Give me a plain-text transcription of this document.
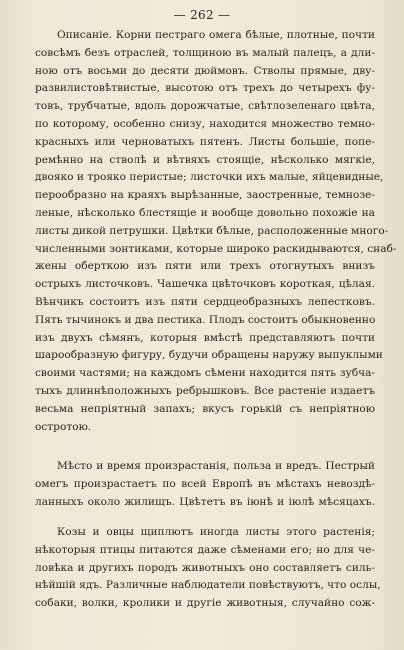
— 262 —
Описаніе. Корни пестраго омега бѣлые, плотные, почти
совсѣмъ безъ отраслей, толщиною въ малый палецъ, а дли-
ною отъ восьми до десяти дюймовъ. Стволы прямые, дву-
развилистовѣтвистые, высотою отъ трехъ до четырехъ фу-
товъ, трубчатые, вдоль дорожчатые, свѣтлозеленаго цвѣта,
по которому, особенно снизу, находится множество темно-
красныхъ или черноватыхъ пятенъ. Листы большіе, попе-
ремѣнно на стволѣ и вѣтвяхъ стоящіе, нѣсколько мягкіе,
двояко и трояко перистые; листочки ихъ малые, яйцевидные,
перообразно на краяхъ вырѣзанные, заостренные, темнозе-
леные, нѣсколько блестящіе и вообще довольно похожіе на
листы дикой петрушки. Цвѣтки бѣлые, расположенные много-
численными зонтиками, которые широко раскидываются, снаб-
жены оберткою изъ пяти или трехъ отогнутыхъ внизъ
острыхъ листочковъ. Чашечка цвѣточковъ короткая, цѣлая.
Вѣнчикъ состоитъ изъ пяти сердцеобразныхъ лепестковъ.
Пять тычинокъ и два пестика. Плодъ состоитъ обыкновенно
изъ двухъ сѣмянъ, которыя вмѣстѣ представляютъ почти
шарообразную фигуру, будучи обращены наружу выпуклыми
своими частями; на каждомъ сѣмени находится пять зубча-
тыхъ длиннѣположныхъ ребрышковъ. Все растеніе издаетъ
весьма непріятный запахъ; вкусъ горькій съ непріятною
остротою.
Мѣсто и время произрастанія, польза и вредъ. Пестрый
омегъ произрастаетъ по всей Европѣ въ мѣстахъ невоздѣ-
ланныхъ около жилищъ. Цвѣтетъ въ іюнѣ и іюлѣ мѣсяцахъ.
Козы и овцы щиплютъ иногда листы этого растенія;
нѣкоторыя птицы питаются даже сѣменами его; но для че-
ловѣка и другихъ породъ животныхъ оно составляетъ силь-
нѣйшій ядъ. Различные наблюдатели повѣствуютъ, что ослы,
собаки, волки, кролики и другіе животныя, случайно сож-
